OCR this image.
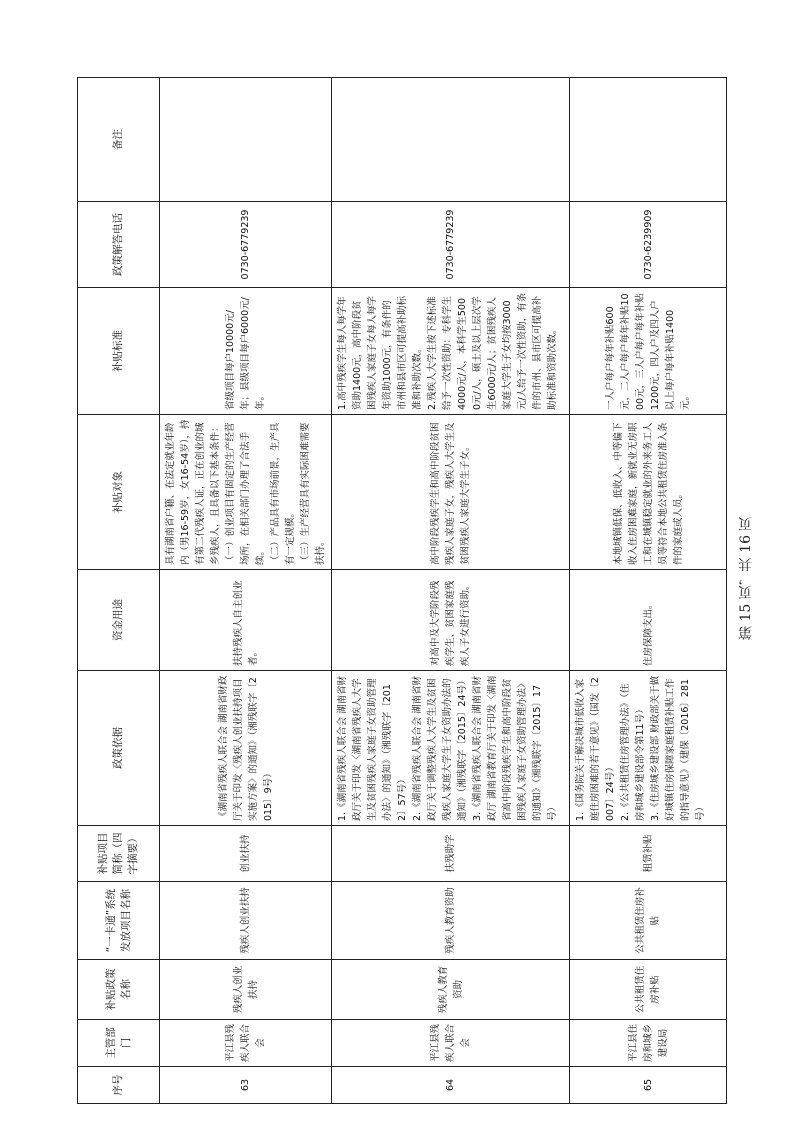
序号	主管部门	补贴政策名称	“一卡通”系统发放项目名称	补贴项目简称（四字摘要）	政策依据	资金用途	补贴对象	补贴标准	政策解答电话	备注
63	平江县残疾人联合会	残疾人创业扶持	残疾人创业扶持	创业扶持	《湖南省残疾人联合会 湖南省财政厅关于印发〈残疾人创业扶持项目实施方案〉的通知》（湘残联字〔2015〕9号）	扶持残疾人自主创业者。	具有湖南省户籍、在法定就业年龄内（男16-59岁，女16-54岁），持有第二代残疾人证，正在创业的城乡残疾人，且具备以下基本条件： （一）创业项目有固定的生产经营场所，在相关部门办理了合法手续。 （二）产品具有市场前景，生产具有一定规模。 （三）生产经营具有实际困难需要扶持。	省级项目每户10000元/年；县级项目每户6000元/年。	0730-6779239	
64	平江县残疾人联合会	残疾人教育资助	残疾人教育资助	扶残助学	1.《湖南省残疾人联合会 湖南省财政厅关于印发〈湖南省残疾人大学生及贫困残疾人家庭子女资助管理办法〉的通知》（湘残联字〔2012〕57号） 2.《湖南省残疾人联合会 湖南省财政厅关于调整残疾人大学生及贫困残疾人家庭大学生子女资助办法的通知》（湘残联字〔2015〕24号） 3.《湖南省残疾人联合会 湖南省财政厅 湖南省教育厅关于印发〈湖南省高中阶段残疾学生和高中阶段贫困残疾人家庭子女资助管理办法〉的通知》（湘残联字〔2015〕17号）	对高中及大学阶段残疾学生、贫困家庭残疾人子女进行资助。	高中阶段残疾学生和高中阶段贫困残疾人家庭子女，残疾人大学生及贫困残疾人家庭大学生子女。	1.高中残疾学生每人每学年资助1400元，高中阶段贫困残疾人家庭子女每人每学年资助1000元，有条件的市州和县市区可提高补助标准和补助次数。 2.残疾人大学生按下述标准给予一次性资助：专科学生4000元/人，本科学生5000元/人，硕士及以上层次学生6000元/人；贫困残疾人家庭大学生子女均按3000元/人给予一次性资助，有条件的市州、县市区可提高补助标准和资助次数。	0730-6779239	
65	平江县住房和城乡建设局	公共租赁住房补贴	公共租赁住房补贴	租赁补贴	1.《国务院关于解决城市低收入家庭住房困难的若干意见》（国发〔2007〕24号） 2.《公共租赁住房管理办法》（住房和城乡建设部令第11号） 3.《住房城乡建设部 财政部关于做好城镇住房保障家庭租赁补贴工作的指导意见》（建保〔2016〕281号）	住房保障支出。	本地城镇低保、低收入、中等偏下收入住房困难家庭，新就业无房职工和在城镇稳定就业的外来务工人员等符合本地公共租赁住房准入条件的家庭或人员。	一人户每户每年补贴600元，二人户每户每年补贴1000元，三人户每户每年补贴1200元，四人户及四人户以上每户每年补贴1400元。	0730-6239909	
第 15 页，共 16 页
